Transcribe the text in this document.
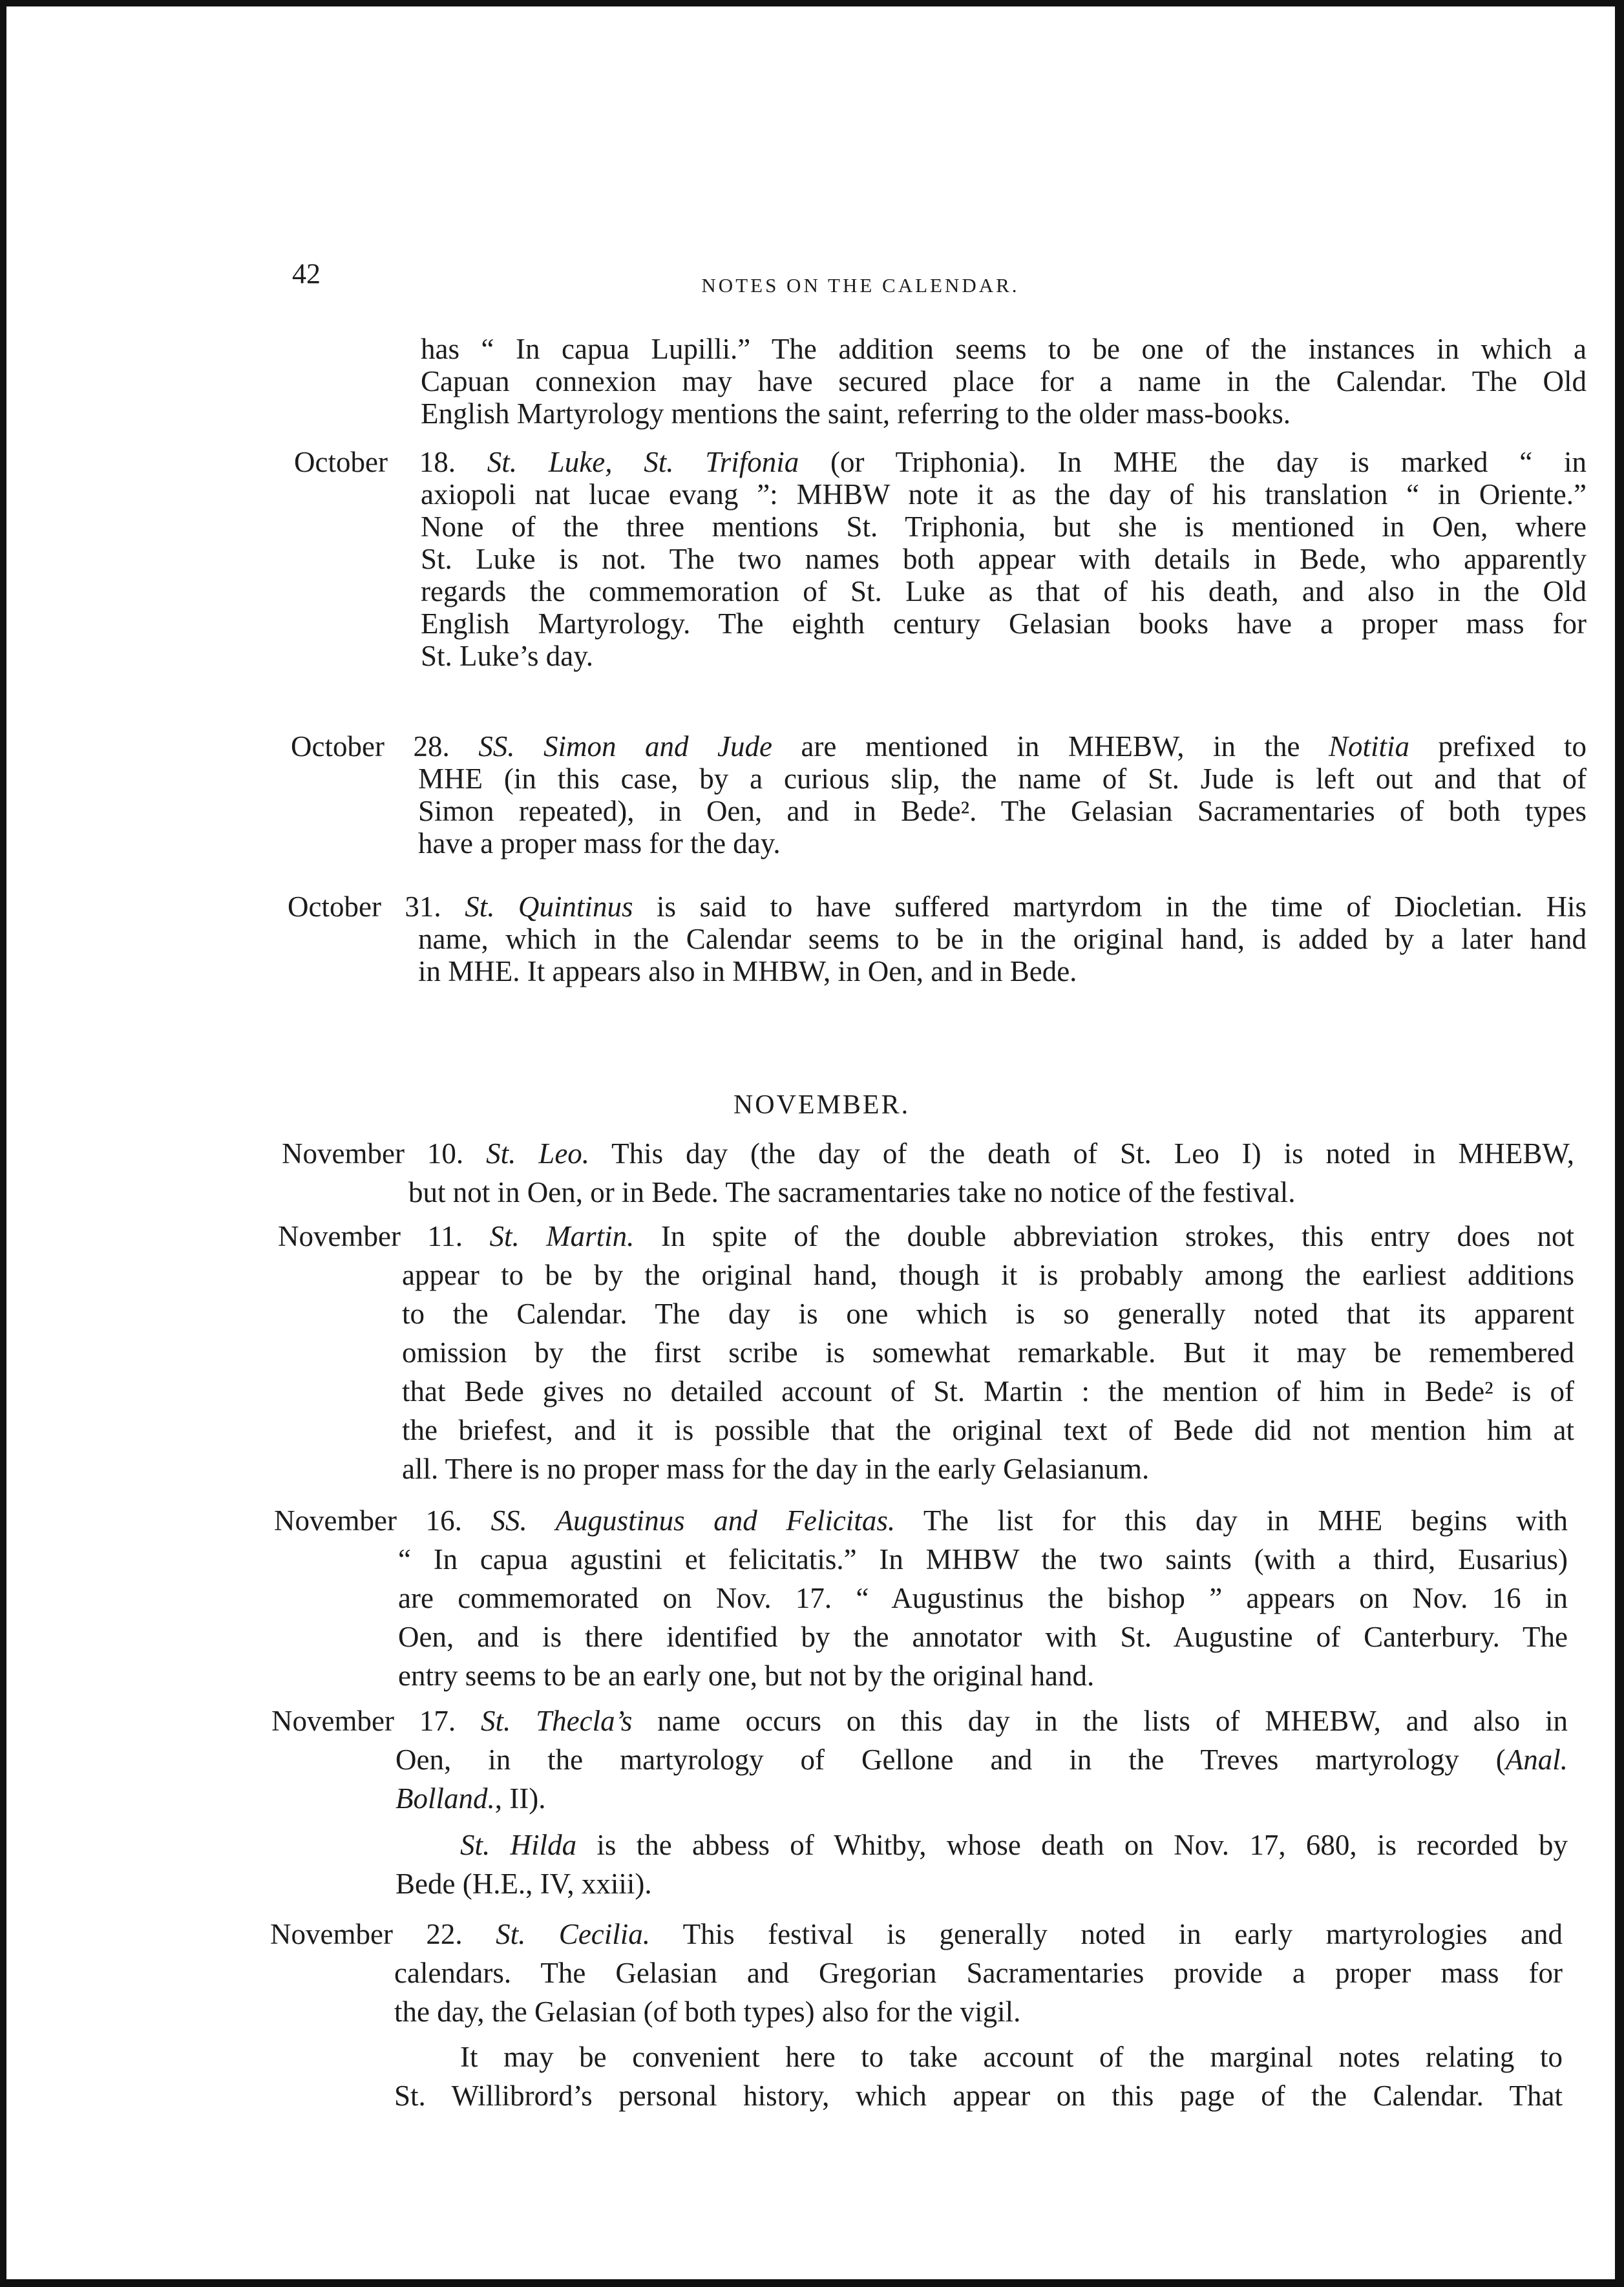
42	NOTES ON THE CALENDAR.
has “ In capua Lupilli.” The addition seems to be one of the instances in which a
Capuan connexion may have secured place for a name in the Calendar. The Old
English Martyrology mentions the saint, referring to the older mass-books.
October 18. St. Luke, St. Trifonia (or Triphonia). In MHE the day is marked “ in
axiopoli nat lucae evang ”: MHBW note it as the day of his translation “ in Oriente.”
None of the three mentions St. Triphonia, but she is mentioned in Oen, where
St. Luke is not. The two names both appear with details in Bede, who apparently
regards the commemoration of St. Luke as that of his death, and also in the Old
English Martyrology. The eighth century Gelasian books have a proper mass for
St. Luke’s day.
October 28. SS. Simon and Jude are mentioned in MHEBW, in the Notitia prefixed to
MHE (in this case, by a curious slip, the name of St. Jude is left out and that of
Simon repeated), in Oen, and in Bede². The Gelasian Sacramentaries of both types
have a proper mass for the day.
October 31. St. Quintinus is said to have suffered martyrdom in the time of Diocletian. His
name, which in the Calendar seems to be in the original hand, is added by a later hand
in MHE. It appears also in MHBW, in Oen, and in Bede.
NOVEMBER.
November 10. St. Leo. This day (the day of the death of St. Leo I) is noted in MHEBW,
but not in Oen, or in Bede. The sacramentaries take no notice of the festival.
November 11. St. Martin. In spite of the double abbreviation strokes, this entry does not
appear to be by the original hand, though it is probably among the earliest additions
to the Calendar. The day is one which is so generally noted that its apparent
omission by the first scribe is somewhat remarkable. But it may be remembered
that Bede gives no detailed account of St. Martin : the mention of him in Bede² is of
the briefest, and it is possible that the original text of Bede did not mention him at
all. There is no proper mass for the day in the early Gelasianum.
November 16. SS. Augustinus and Felicitas. The list for this day in MHE begins with
“ In capua agustini et felicitatis.” In MHBW the two saints (with a third, Eusarius)
are commemorated on Nov. 17. “ Augustinus the bishop ” appears on Nov. 16 in
Oen, and is there identified by the annotator with St. Augustine of Canterbury. The
entry seems to be an early one, but not by the original hand.
November 17. St. Thecla’s name occurs on this day in the lists of MHEBW, and also in
Oen, in the martyrology of Gellone and in the Treves martyrology (Anal.
Bolland., II).
St. Hilda is the abbess of Whitby, whose death on Nov. 17, 680, is recorded by
Bede (H.E., IV, xxiii).
November 22. St. Cecilia. This festival is generally noted in early martyrologies and
calendars. The Gelasian and Gregorian Sacramentaries provide a proper mass for
the day, the Gelasian (of both types) also for the vigil.
It may be convenient here to take account of the marginal notes relating to
St. Willibrord’s personal history, which appear on this page of the Calendar. That
